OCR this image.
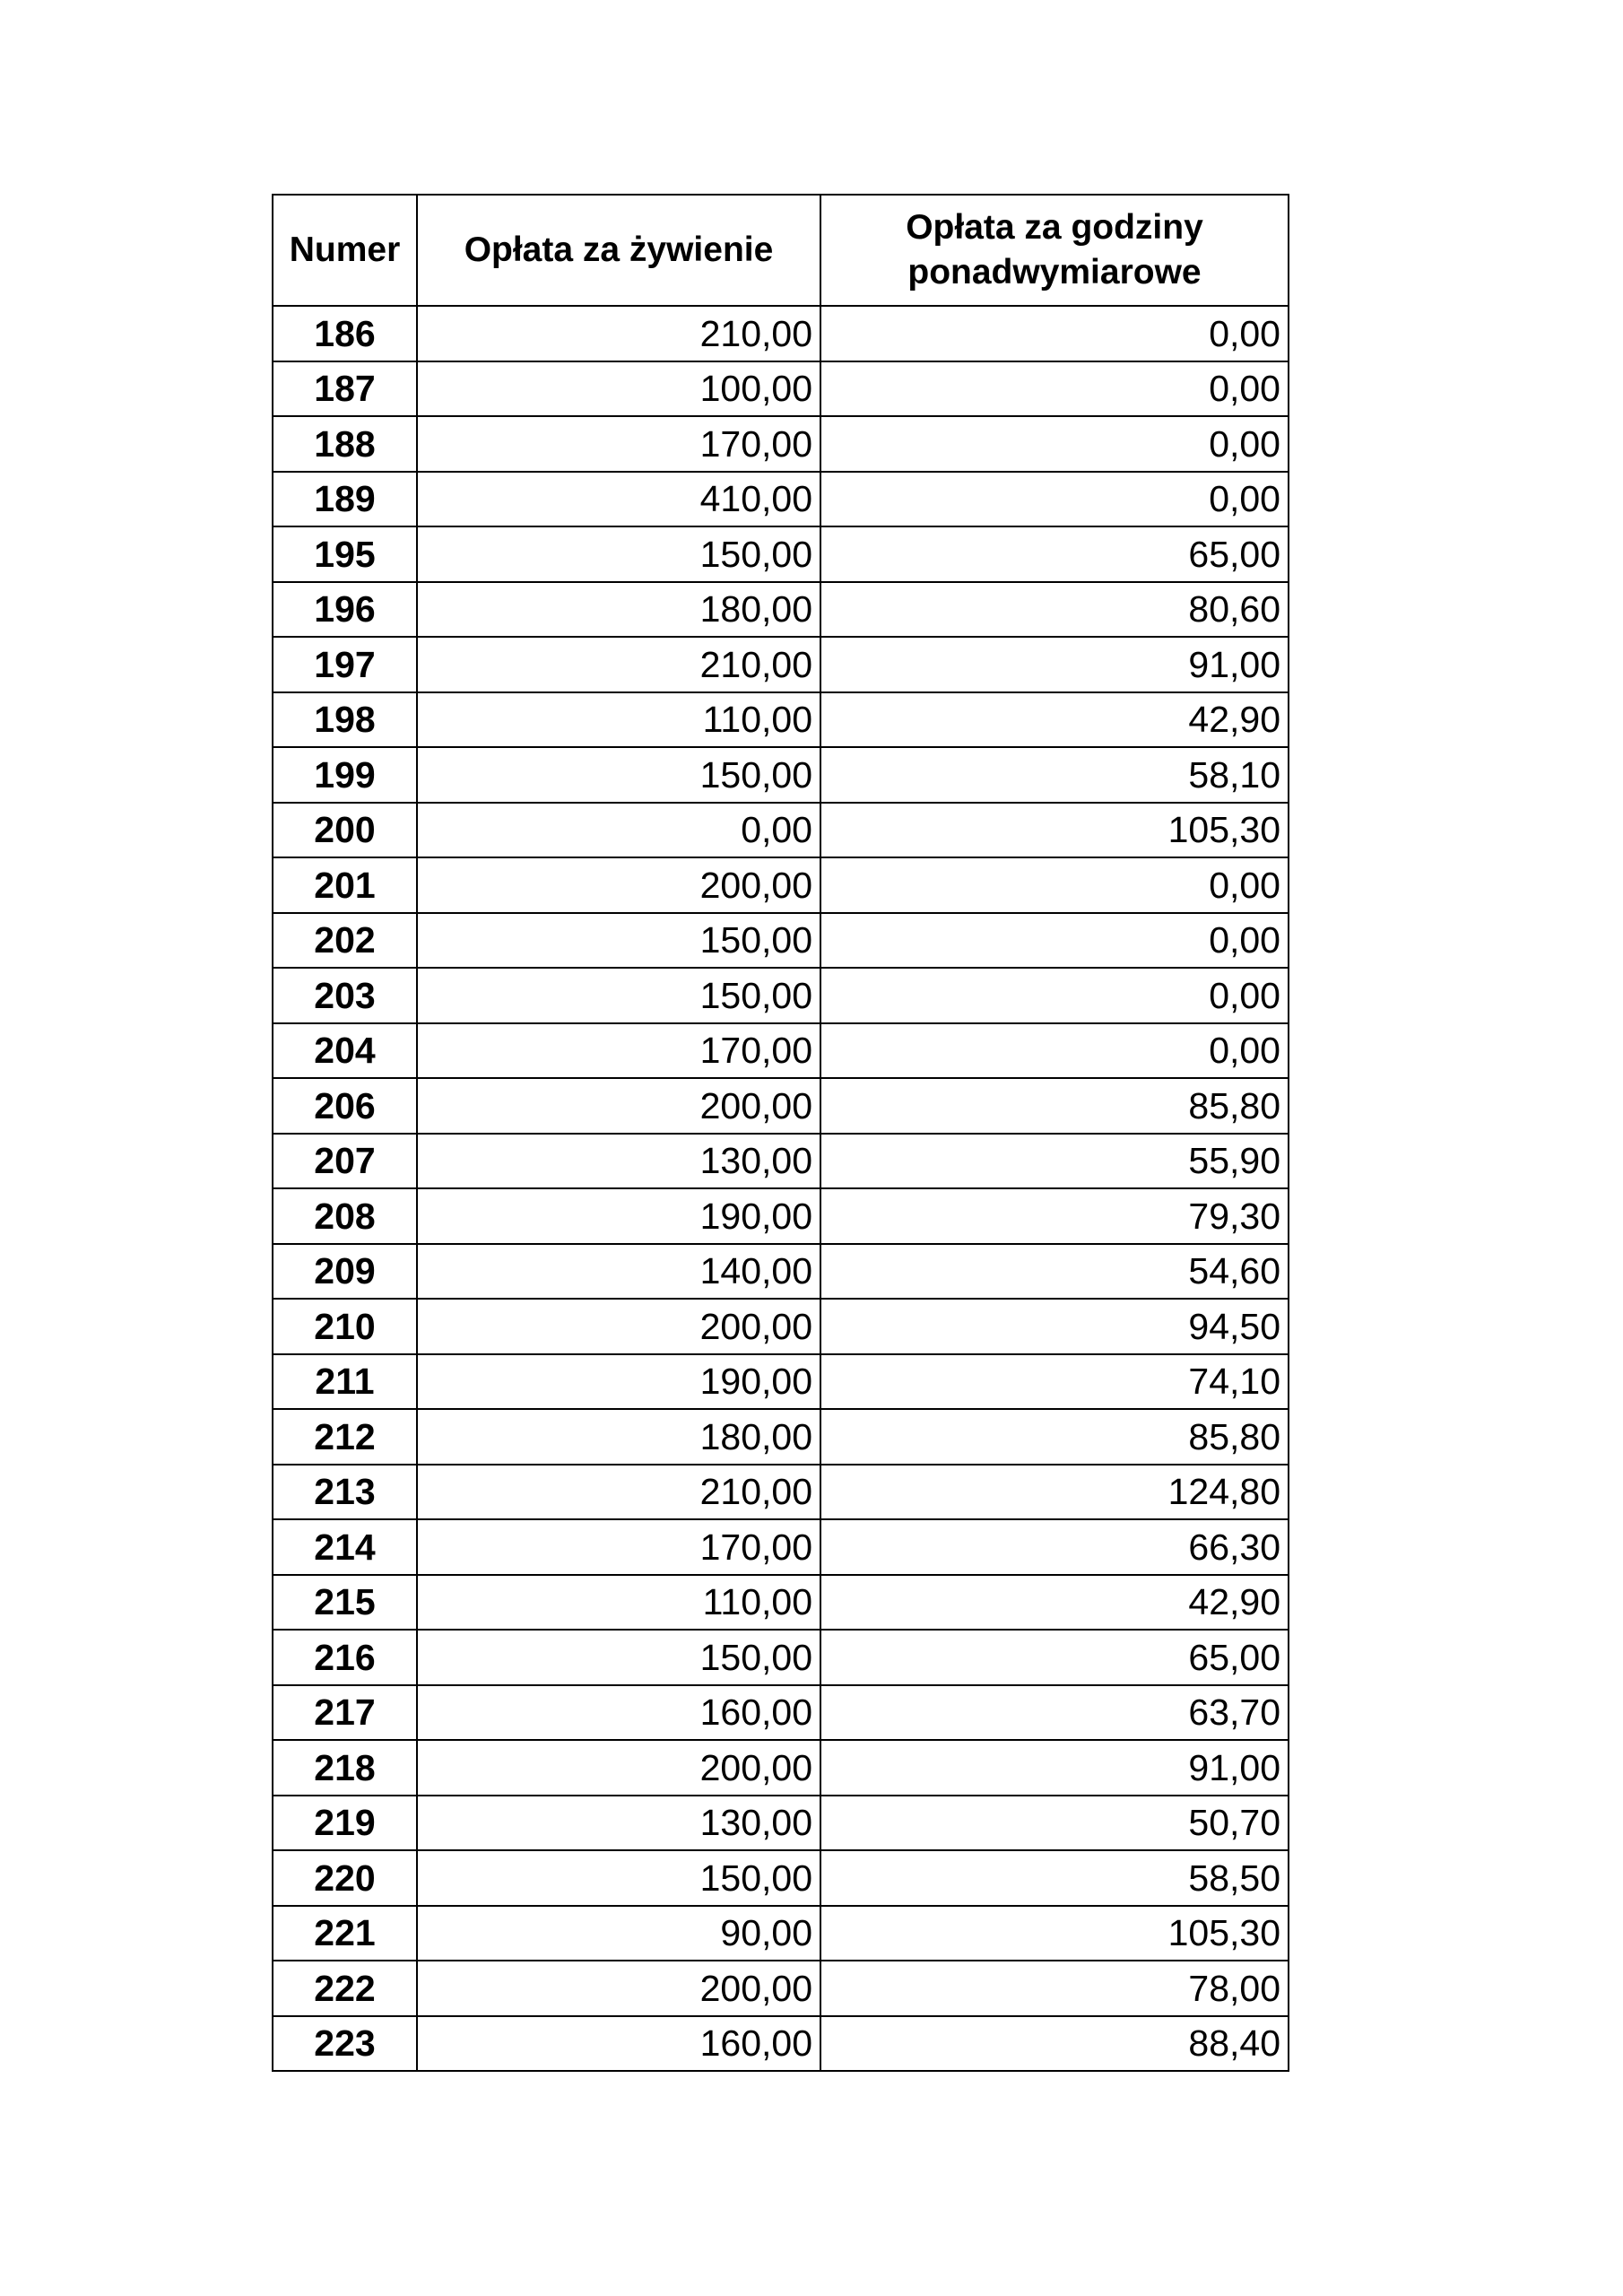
Numer	Opłata za żywienie	Opłata za godziny ponadwymiarowe
186	210,00	0,00
187	100,00	0,00
188	170,00	0,00
189	410,00	0,00
195	150,00	65,00
196	180,00	80,60
197	210,00	91,00
198	110,00	42,90
199	150,00	58,10
200	0,00	105,30
201	200,00	0,00
202	150,00	0,00
203	150,00	0,00
204	170,00	0,00
206	200,00	85,80
207	130,00	55,90
208	190,00	79,30
209	140,00	54,60
210	200,00	94,50
211	190,00	74,10
212	180,00	85,80
213	210,00	124,80
214	170,00	66,30
215	110,00	42,90
216	150,00	65,00
217	160,00	63,70
218	200,00	91,00
219	130,00	50,70
220	150,00	58,50
221	90,00	105,30
222	200,00	78,00
223	160,00	88,40
